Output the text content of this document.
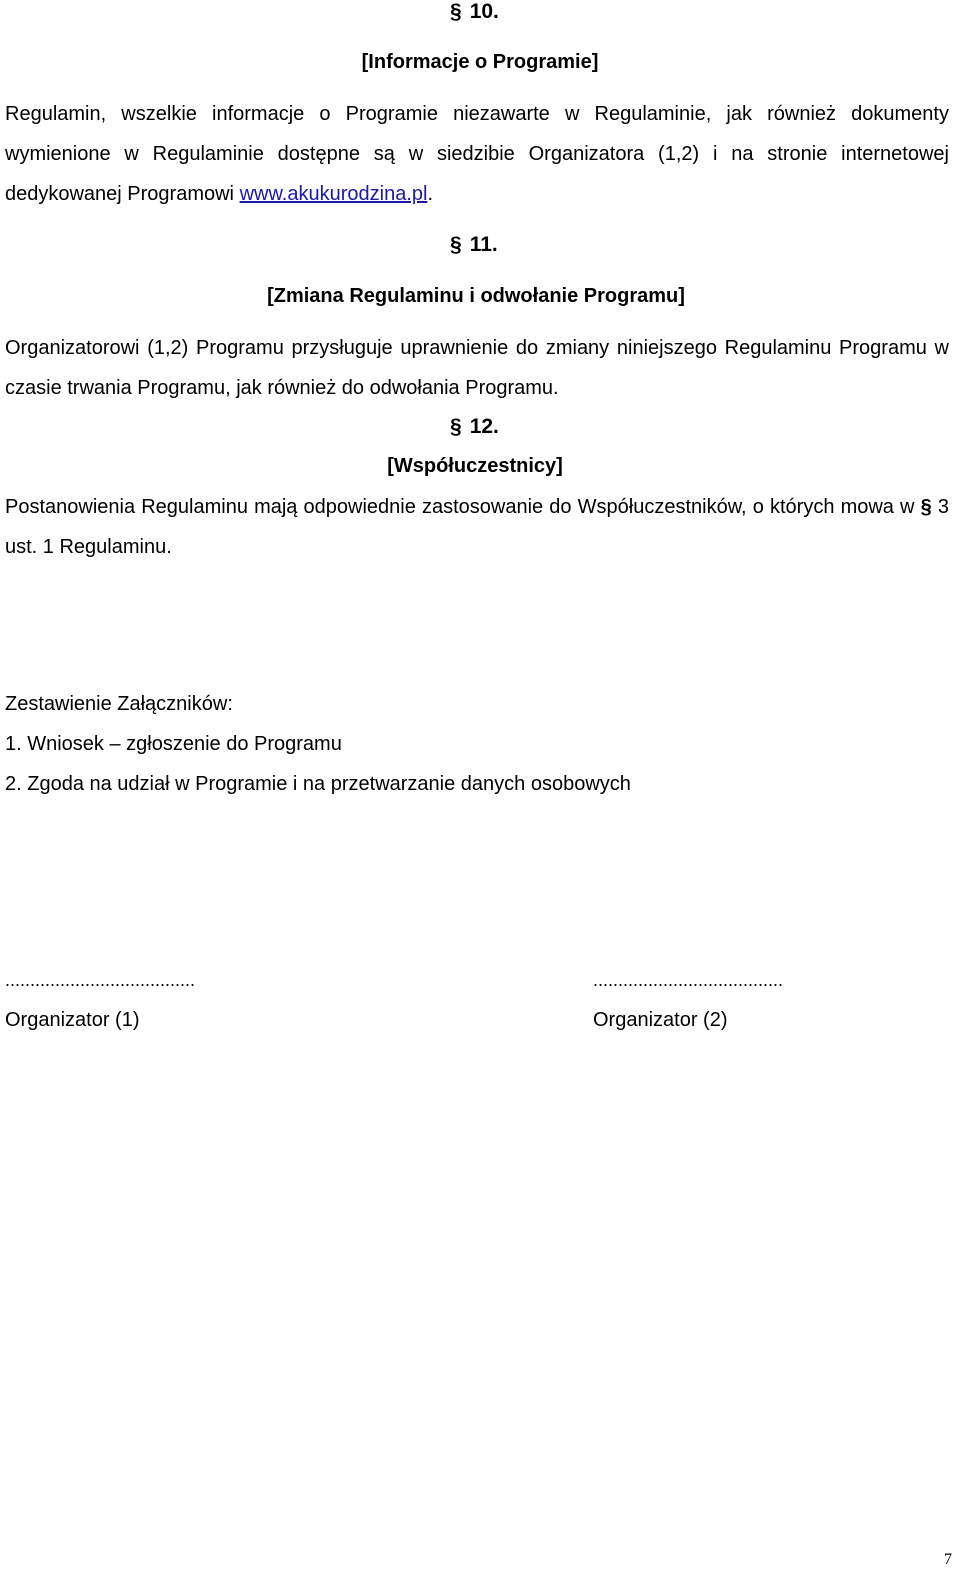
§ 10.
[Informacje o Programie]
Regulamin, wszelkie informacje o Programie niezawarte w Regulaminie, jak również dokumenty wymienione w Regulaminie dostępne są w siedzibie Organizatora (1,2) i na stronie internetowej dedykowanej Programowi www.akukurodzina.pl.
§ 11.
[Zmiana Regulaminu i odwołanie Programu]
Organizatorowi (1,2) Programu przysługuje uprawnienie do zmiany niniejszego Regulaminu Programu w czasie trwania Programu, jak również do odwołania Programu.
§ 12.
[Współuczestnicy]
Postanowienia Regulaminu mają odpowiednie zastosowanie do Współuczestników, o których mowa w § 3 ust. 1 Regulaminu.
Zestawienie Załączników:
1. Wniosek – zgłoszenie do Programu
2. Zgoda na udział w Programie i na przetwarzanie danych osobowych
......................................
Organizator (1)
......................................
Organizator (2)
7
